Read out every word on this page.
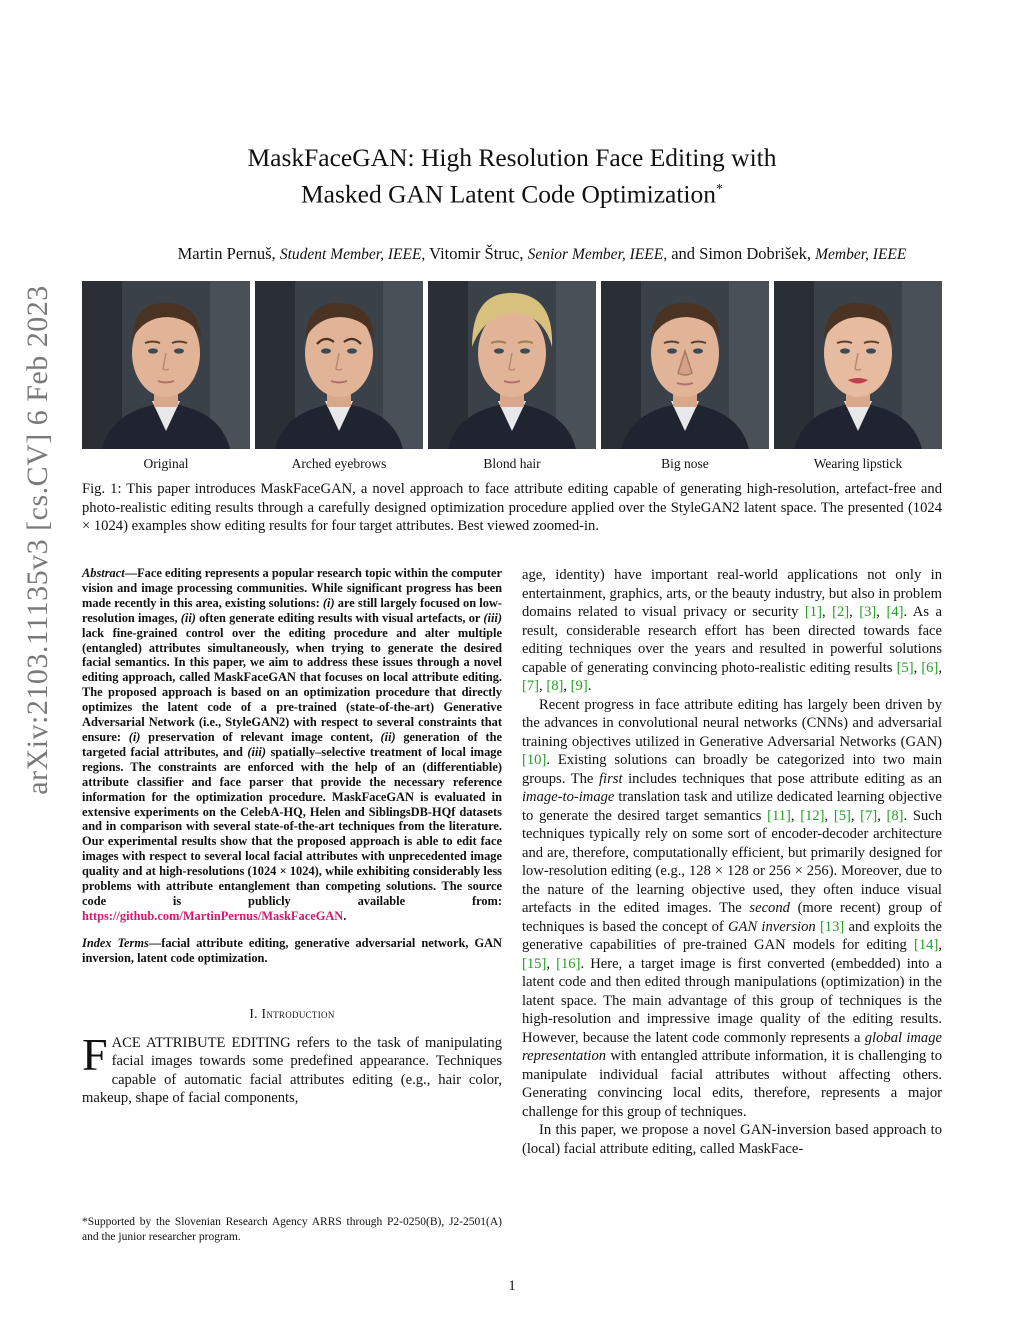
arXiv:2103.11135v3 [cs.CV] 6 Feb 2023
MaskFaceGAN: High Resolution Face Editing with
Masked GAN Latent Code Optimization*
Martin Pernuš, Student Member, IEEE, Vitomir Štruc, Senior Member, IEEE, and Simon Dobrišek, Member, IEEE
Original	Arched eyebrows	Blond hair	Big nose	Wearing lipstick
Fig. 1: This paper introduces MaskFaceGAN, a novel approach to face attribute editing capable of generating high-resolution, artefact-free and photo-realistic editing results through a carefully designed optimization procedure applied over the StyleGAN2 latent space. The presented (1024 × 1024) examples show editing results for four target attributes. Best viewed zoomed-in.

Abstract—Face editing represents a popular research topic within the computer vision and image processing communities. While significant progress has been made recently in this area, existing solutions: (i) are still largely focused on low-resolution images, (ii) often generate editing results with visual artefacts, or (iii) lack fine-grained control over the editing procedure and alter multiple (entangled) attributes simultaneously, when trying to generate the desired facial semantics. In this paper, we aim to address these issues through a novel editing approach, called MaskFaceGAN that focuses on local attribute editing. The proposed approach is based on an optimization procedure that directly optimizes the latent code of a pre-trained (state-of-the-art) Generative Adversarial Network (i.e., StyleGAN2) with respect to several constraints that ensure: (i) preservation of relevant image content, (ii) generation of the targeted facial attributes, and (iii) spatially–selective treatment of local image regions. The constraints are enforced with the help of an (differentiable) attribute classifier and face parser that provide the necessary reference information for the optimization procedure. MaskFaceGAN is evaluated in extensive experiments on the CelebA-HQ, Helen and SiblingsDB-HQf datasets and in comparison with several state-of-the-art techniques from the literature. Our experimental results show that the proposed approach is able to edit face images with respect to several local facial attributes with unprecedented image quality and at high-resolutions (1024 × 1024), while exhibiting considerably less problems with attribute entanglement than competing solutions. The source code is publicly available from: https://github.com/MartinPernus/MaskFaceGAN.

Index Terms—facial attribute editing, generative adversarial network, GAN inversion, latent code optimization.

I. Introduction

FACE ATTRIBUTE EDITING refers to the task of manipulating facial images towards some predefined appearance. Techniques capable of automatic facial attributes editing (e.g., hair color, makeup, shape of facial components,

*Supported by the Slovenian Research Agency ARRS through P2-0250(B), J2-2501(A) and the junior researcher program.

age, identity) have important real-world applications not only in entertainment, graphics, arts, or the beauty industry, but also in problem domains related to visual privacy or security [1], [2], [3], [4]. As a result, considerable research effort has been directed towards face editing techniques over the years and resulted in powerful solutions capable of generating convincing photo-realistic editing results [5], [6], [7], [8], [9].

Recent progress in face attribute editing has largely been driven by the advances in convolutional neural networks (CNNs) and adversarial training objectives utilized in Generative Adversarial Networks (GAN) [10]. Existing solutions can broadly be categorized into two main groups. The first includes techniques that pose attribute editing as an image-to-image translation task and utilize dedicated learning objective to generate the desired target semantics [11], [12], [5], [7], [8]. Such techniques typically rely on some sort of encoder-decoder architecture and are, therefore, computationally efficient, but primarily designed for low-resolution editing (e.g., 128 × 128 or 256 × 256). Moreover, due to the nature of the learning objective used, they often induce visual artefacts in the edited images. The second (more recent) group of techniques is based the concept of GAN inversion [13] and exploits the generative capabilities of pre-trained GAN models for editing [14], [15], [16]. Here, a target image is first converted (embedded) into a latent code and then edited through manipulations (optimization) in the latent space. The main advantage of this group of techniques is the high-resolution and impressive image quality of the editing results. However, because the latent code commonly represents a global image representation with entangled attribute information, it is challenging to manipulate individual facial attributes without affecting others. Generating convincing local edits, therefore, represents a major challenge for this group of techniques.

In this paper, we propose a novel GAN-inversion based approach to (local) facial attribute editing, called MaskFace-

1
